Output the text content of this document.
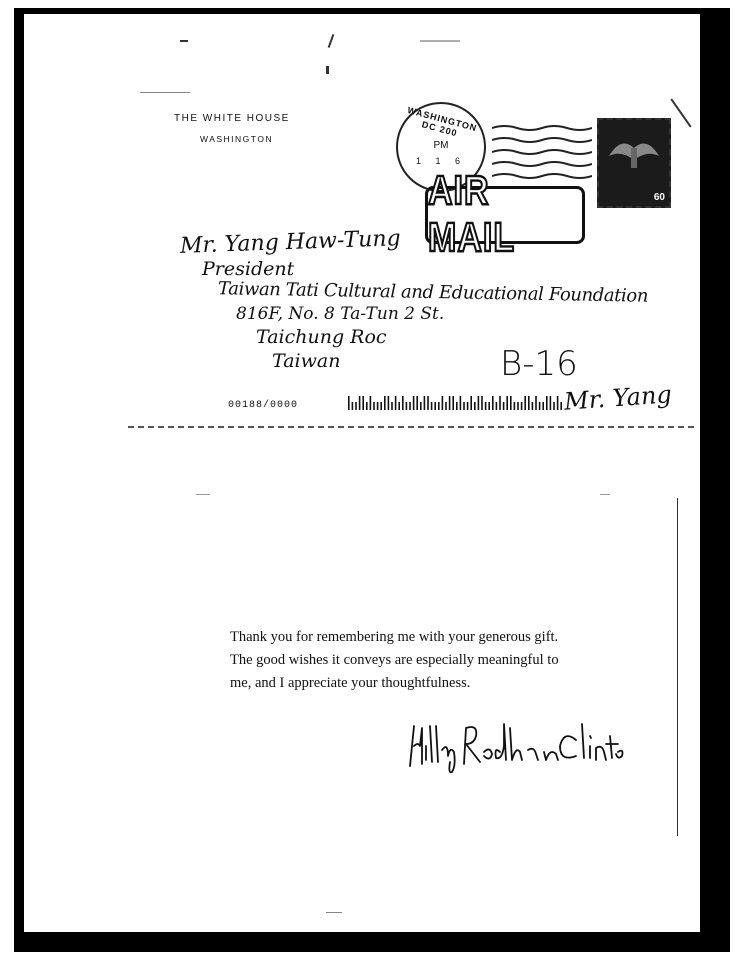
THE WHITE HOUSE
WASHINGTON
WASHINGTON DC 200
PM
1 1 6
60
AIR MAIL
Mr. Yang Haw-Tung
President
Taiwan Tati Cultural and Educational Foundation
816F, No. 8 Ta-Tun 2 St.
Taichung Roc
Taiwan	B-16
00188/0000	Mr. Yang
Thank you for remembering me with your generous gift.
The good wishes it conveys are especially meaningful to
me, and I appreciate your thoughtfulness.
